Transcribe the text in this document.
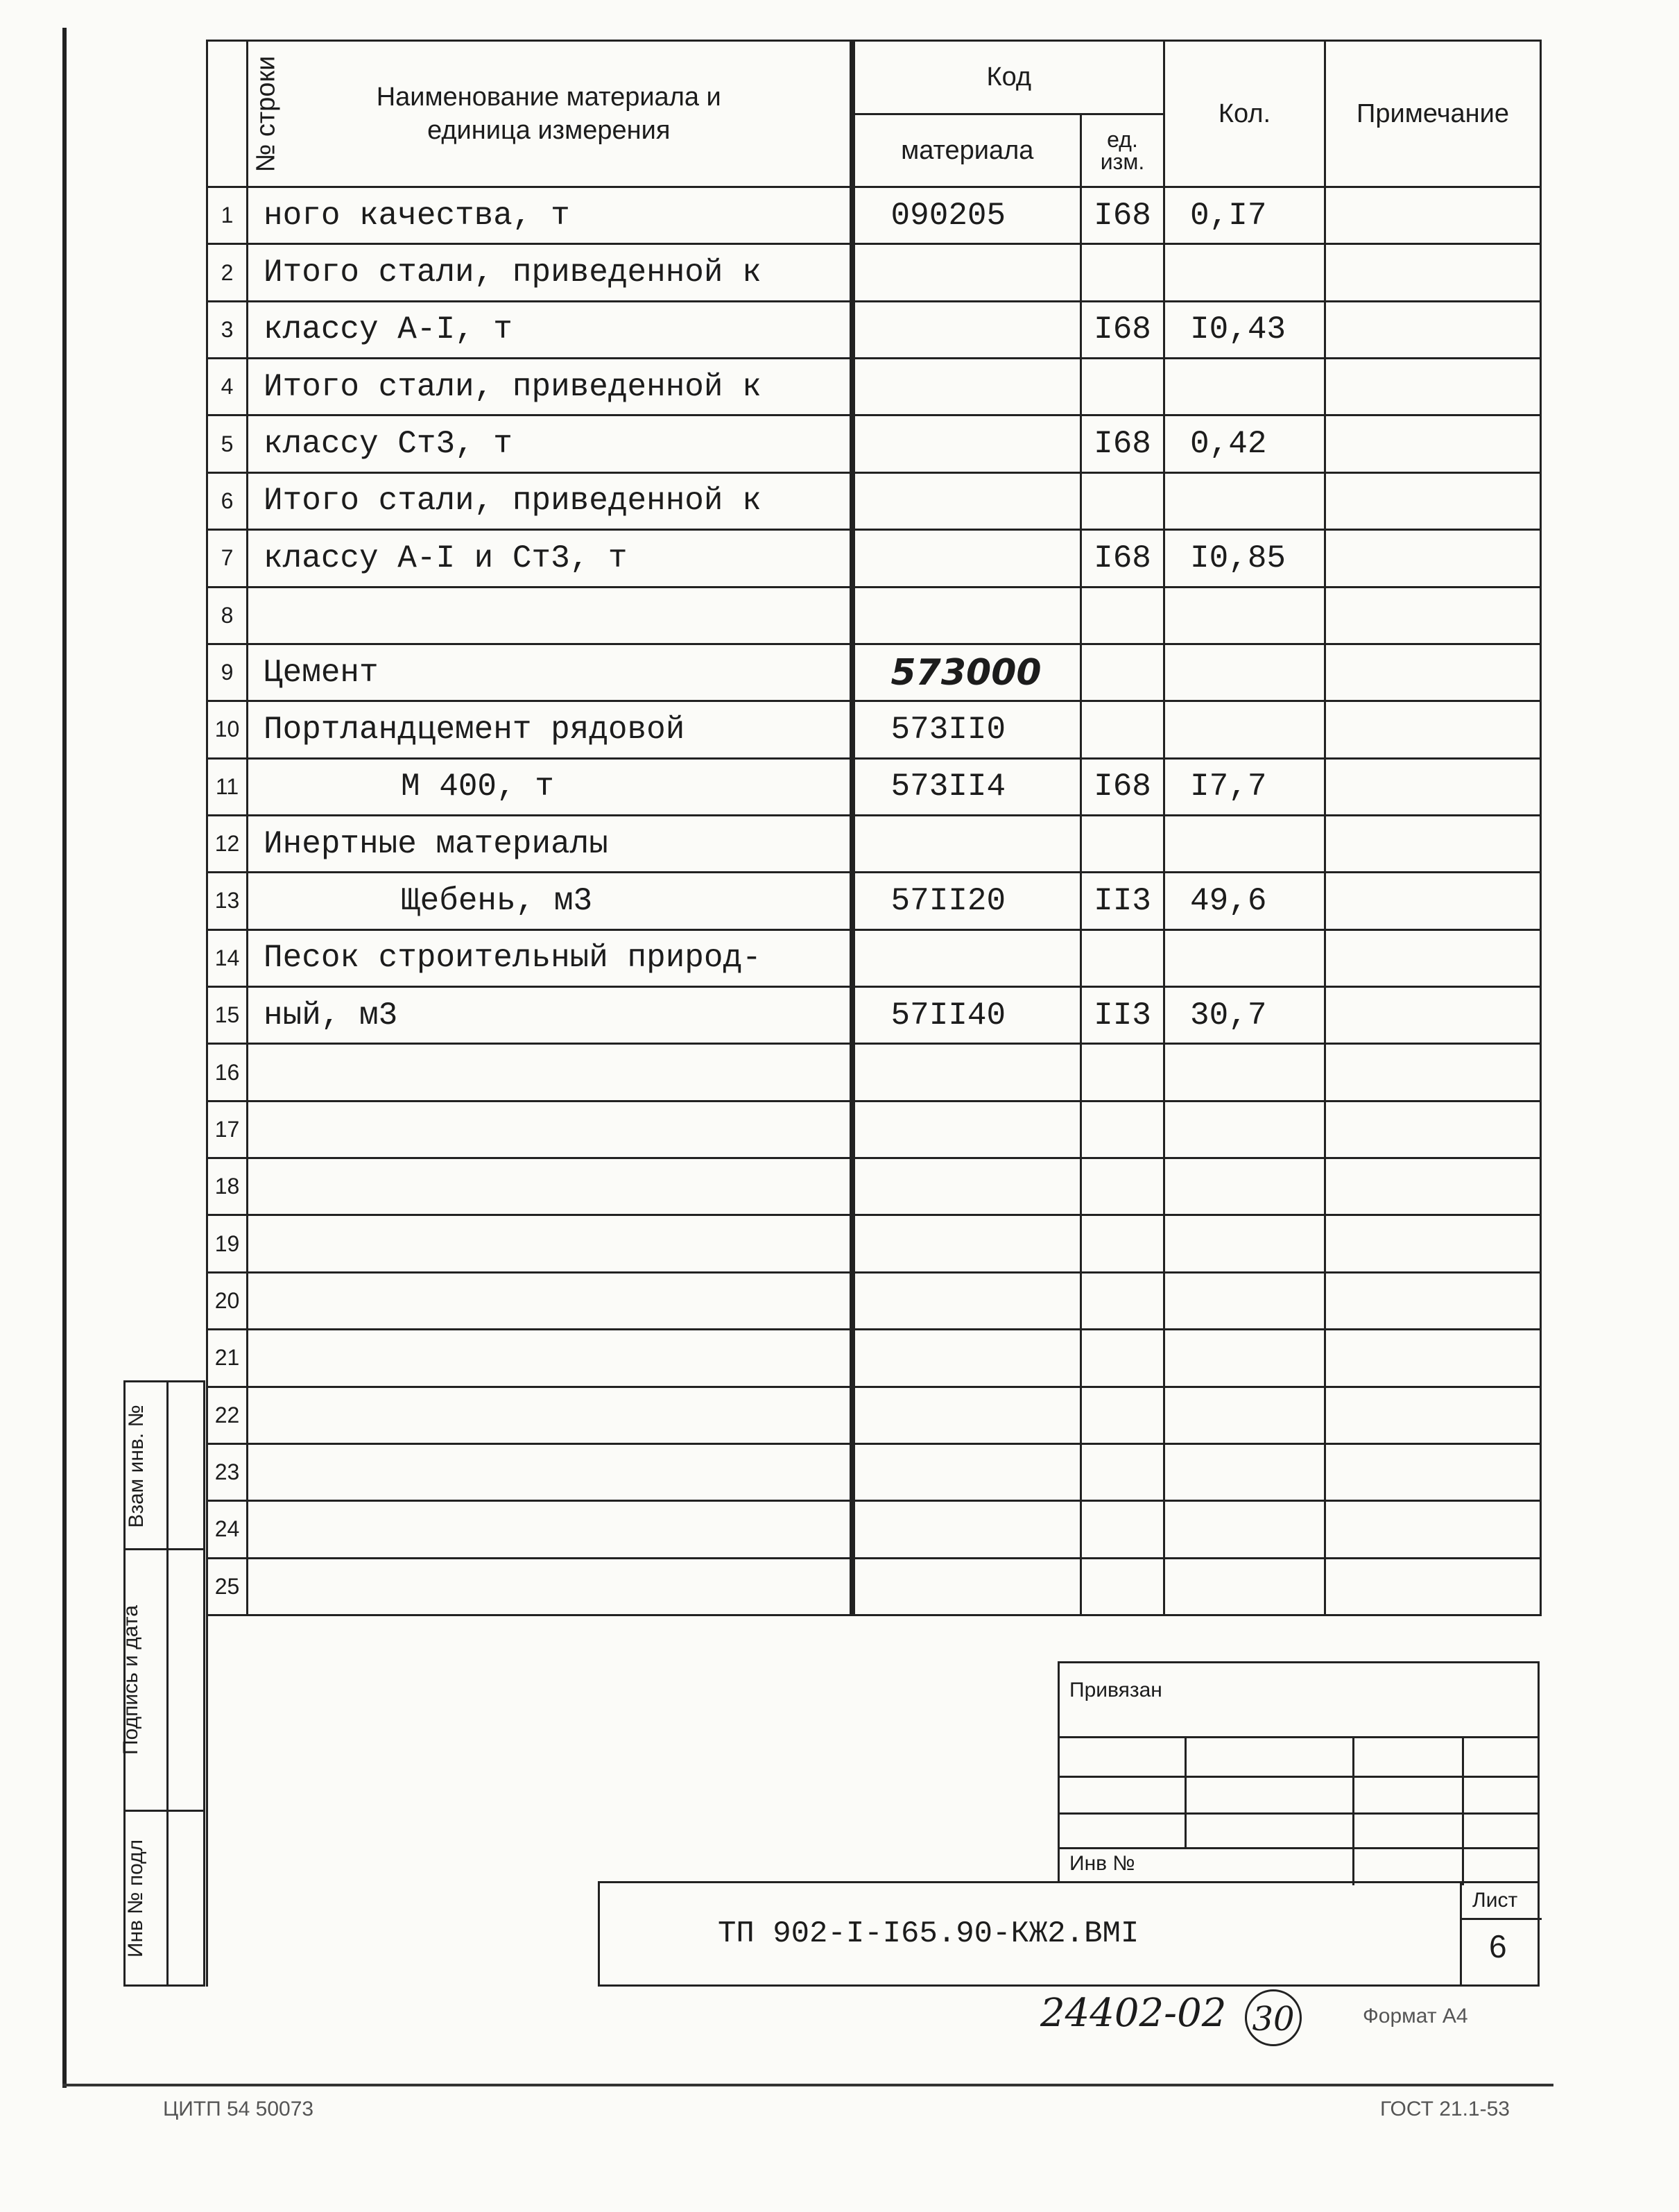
№ строки	Наименование материала и
единица измерения	Код		Кол.	Примечание
		материала	ед.
изм.		
1	ного качества, т	090205	I68	0,I7	
2	Итого стали, приведенной к				
3	классу А-I, т		I68	I0,43	
4	Итого стали, приведенной к				
5	классу Ст3, т		I68	0,42	
6	Итого стали, приведенной к				
7	классу А-I и Ст3, т		I68	I0,85	
8					
9	Цемент	573000			
10	Портландцемент рядовой	573II0			
11	М 400, т	573II4	I68	I7,7	
12	Инертные материалы				
13	Щебень, м3	57II20	II3	49,6	
14	Песок строительный природ-				
15	ный, м3	57II40	II3	30,7	
16					
17					
18					
19					
20					
21					
22					
23					
24					
25					
Взам инв. №
Подпись и дата
Инв № подл
Привязан
Инв №
ТП 902-I-I65.90-КЖ2.ВМI
Лист
6
24402-02 30	Формат А4
ЦИТП 54 50073	ГОСТ 21.1-53
